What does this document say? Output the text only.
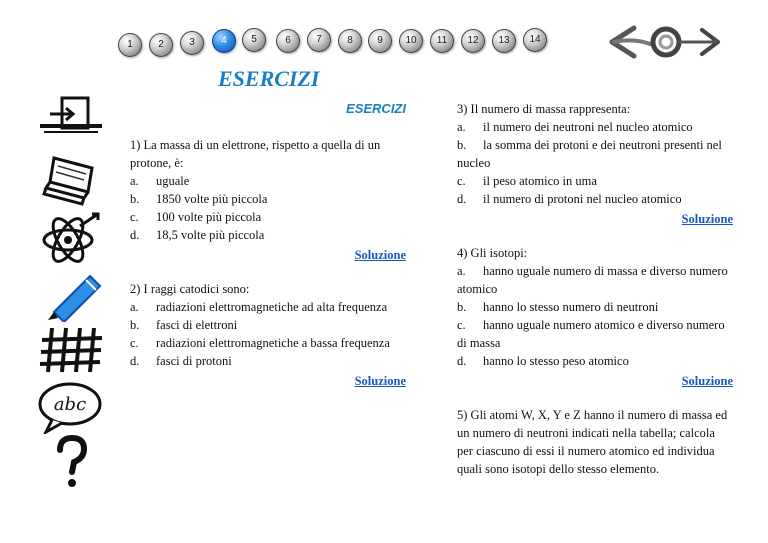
1	2	3	4	5	6	7	8	9	10	11	12	13	14
ESERCIZI
abc

ESERCIZI

1) La massa di un elettrone, rispetto a quella di un protone, è:

a. uguale

b. 1850 volte più piccola

c. 100 volte più piccola

d. 18,5 volte più piccola

Soluzione

2) I raggi catodici sono:

a. radiazioni elettromagnetiche ad alta frequenza

b. fasci di elettroni

c. radiazioni elettromagnetiche a bassa frequenza

d. fasci di protoni

Soluzione

3) Il numero di massa rappresenta:

a. il numero dei neutroni nel nucleo atomico

b. la somma dei protoni e dei neutroni presenti nel nucleo

c. il peso atomico in uma

d. il numero di protoni nel nucleo atomico

Soluzione

4) Gli isotopi:

a. hanno uguale numero di massa e diverso numero atomico

b. hanno lo stesso numero di neutroni

c. hanno uguale numero atomico e diverso numero di massa

d. hanno lo stesso peso atomico

Soluzione

5) Gli atomi W, X, Y e Z hanno il numero di massa ed un numero di neutroni indicati nella tabella; calcola per ciascuno di essi il numero atomico ed individua quali sono isotopi dello stesso elemento.
